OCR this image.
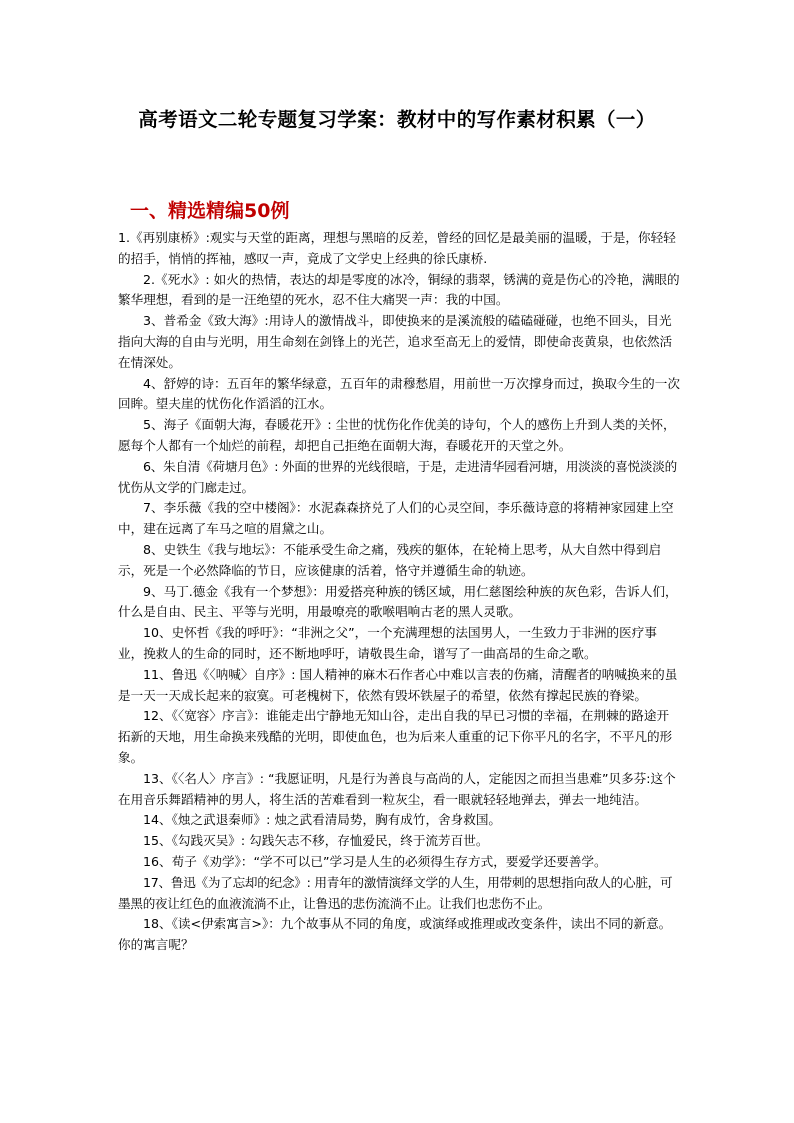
高考语文二轮专题复习学案：教材中的写作素材积累（一）
一、精选精编50例

1.《再别康桥》:观实与天堂的距离，理想与黑暗的反差，曾经的回忆是最美丽的温暖，于是，你轻轻的招手，悄悄的挥袖，感叹一声，竟成了文学史上经典的徐氏康桥.

2.《死水》: 如火的热情，表达的却是零度的冰冷，铜绿的翡翠，锈满的竟是伤心的冷艳，满眼的繁华理想，看到的是一汪绝望的死水，忍不住大痛哭一声：我的中国。

3、普希金《致大海》:用诗人的激情战斗，即使换来的是溪流般的磕磕碰碰，也绝不回头，目光指向大海的自由与光明，用生命刻在剑锋上的光芒，追求至高无上的爱情，即使命丧黄泉，也依然活在情深处。

4、舒婷的诗：五百年的繁华绿意，五百年的肃穆愁眉，用前世一万次撑身而过，换取今生的一次回眸。望夫崖的忧伤化作滔滔的江水。

5、海子《面朝大海，春暖花开》: 尘世的忧伤化作优美的诗句，个人的感伤上升到人类的关怀，愿每个人都有一个灿烂的前程，却把自己拒绝在面朝大海，春暖花开的天堂之外。

6、朱自清《荷塘月色》: 外面的世界的光线很暗，于是，走进清华园看河塘，用淡淡的喜悦淡淡的忧伤从文学的门廊走过。

7、李乐薇《我的空中楼阁》：水泥森森挤兑了人们的心灵空间，李乐薇诗意的将精神家园建上空中，建在远离了车马之喧的眉黛之山。

8、史铁生《我与地坛》：不能承受生命之痛，残疾的躯体，在轮椅上思考，从大自然中得到启示，死是一个必然降临的节日，应该健康的活着，恪守并遵循生命的轨迹。

9、马丁.德金《我有一个梦想》：用爱搭亮种族的锈区域，用仁慈图绘种族的灰色彩，告诉人们，什么是自由、民主、平等与光明，用最嘹亮的歌喉唱响古老的黑人灵歌。

10、史怀哲《我的呼吁》：“非洲之父”，一个充满理想的法国男人，一生致力于非洲的医疗事业，挽救人的生命的同时，还不断地呼吁，请敬畏生命，谱写了一曲高昂的生命之歌。

11、鲁迅《〈呐喊〉自序》: 国人精神的麻木石作者心中难以言表的伤痛，清醒者的呐喊换来的虽是一天一天成长起来的寂寞。可老槐树下，依然有毁坏铁屋子的希望，依然有撑起民族的脊梁。

12、《〈宽容〉序言》：谁能走出宁静地无知山谷，走出自我的早已习惯的幸福，在荆棘的路途开拓新的天地，用生命换来残酷的光明，即使血色，也为后来人重重的记下你平凡的名字，不平凡的形象。

13、《〈名人〉序言》: “我愿证明，凡是行为善良与高尚的人，定能因之而担当患难”贝多芬:这个在用音乐舞蹈精神的男人，将生活的苦难看到一粒灰尘，看一眼就轻轻地弹去，弹去一地纯洁。

14、《烛之武退秦师》: 烛之武看清局势，胸有成竹，舍身救国。

15、《勾践灭吴》: 勾践矢志不移，存恤爱民，终于流芳百世。

16、荀子《劝学》：“学不可以已”学习是人生的必须得生存方式，要爱学还要善学。

17、鲁迅《为了忘却的纪念》: 用青年的激情演绎文学的人生，用带刺的思想指向敌人的心脏，可墨黑的夜让红色的血液流淌不止，让鲁迅的悲伤流淌不止。让我们也悲伤不止。

18、《读<伊索寓言>》：九个故事从不同的角度，或演绎或推理或改变条件，读出不同的新意。你的寓言呢？
